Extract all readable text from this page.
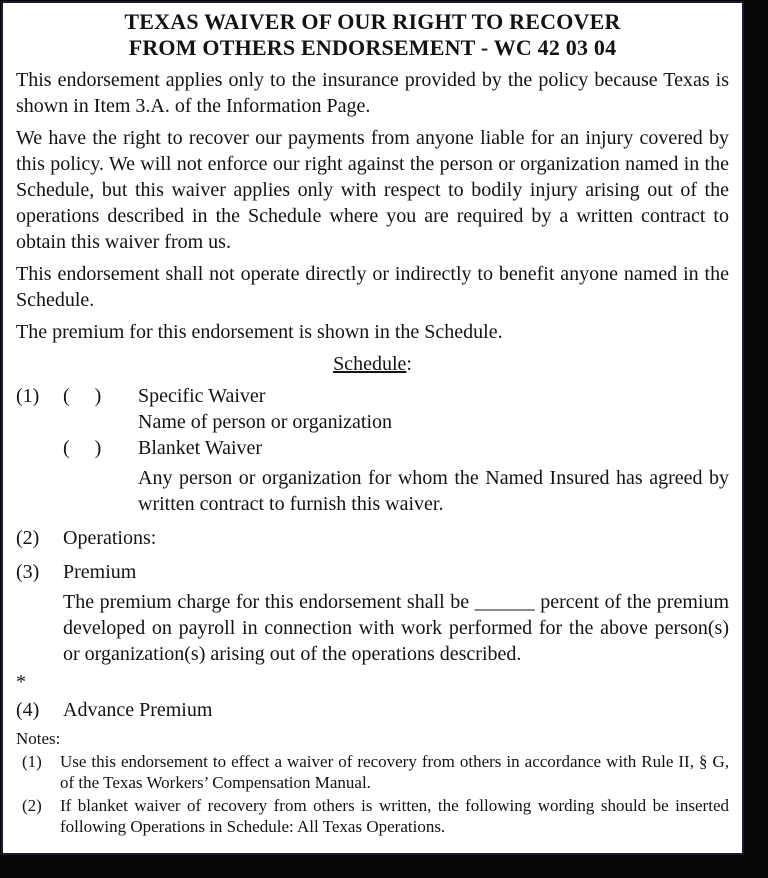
TEXAS WAIVER OF OUR RIGHT TO RECOVER
FROM OTHERS ENDORSEMENT - WC 42 03 04

This endorsement applies only to the insurance provided by the policy because Texas is shown in Item 3.A. of the Information Page.

We have the right to recover our payments from anyone liable for an injury covered by this policy. We will not enforce our right against the person or organization named in the Schedule, but this waiver applies only with respect to bodily injury arising out of the operations described in the Schedule where you are required by a written contract to obtain this waiver from us.

This endorsement shall not operate directly or indirectly to benefit anyone named in the Schedule.

The premium for this endorsement is shown in the Schedule.

Schedule:
(1)	(     )	Specific Waiver
Name of person or organization
(     )	Blanket Waiver

Any person or organization for whom the Named Insured has agreed by written contract to furnish this waiver.

(2)	Operations:
(3)	Premium

The premium charge for this endorsement shall be ______ percent of the premium developed on payroll in connection with work performed for the above person(s) or organization(s) arising out of the operations described.

*
(4)	Advance Premium
Notes:
(1)	Use this endorsement to effect a waiver of recovery from others in accordance with Rule II, § G, of the Texas Workers’ Compensation Manual.
(2)	If blanket waiver of recovery from others is written, the following wording should be inserted following Operations in Schedule: All Texas Operations.
